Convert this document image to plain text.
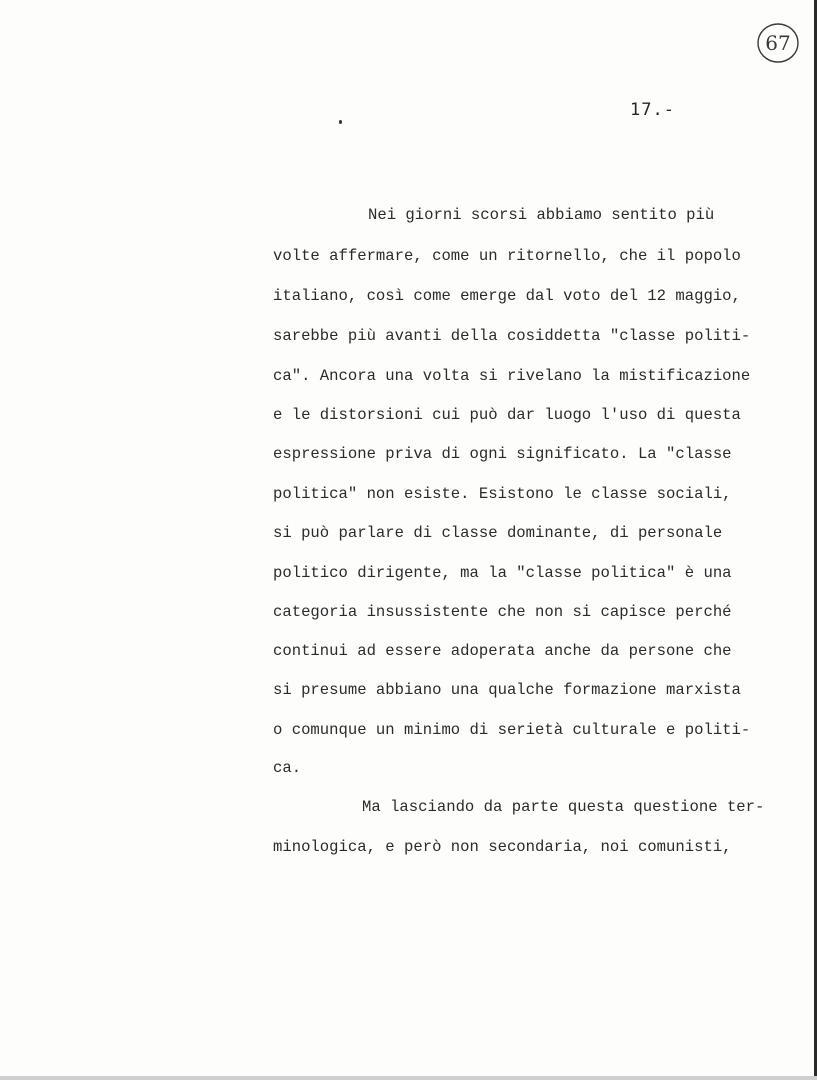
67
17.-
Nei giorni scorsi abbiamo sentito più
volte affermare, come un ritornello, che il popolo
italiano, così come emerge dal voto del 12 maggio,
sarebbe più avanti della cosiddetta "classe politi-
ca". Ancora una volta si rivelano la mistificazione
e le distorsioni cui può dar luogo l'uso di questa
espressione priva di ogni significato. La "classe
politica" non esiste. Esistono le classe sociali,
si può parlare di classe dominante, di personale
politico dirigente, ma la "classe politica" è una
categoria insussistente che non si capisce perché
continui ad essere adoperata anche da persone che
si presume abbiano una qualche formazione marxista
o comunque un minimo di serietà culturale e politi-
ca.
Ma lasciando da parte questa questione ter-
minologica, e però non secondaria, noi comunisti,
